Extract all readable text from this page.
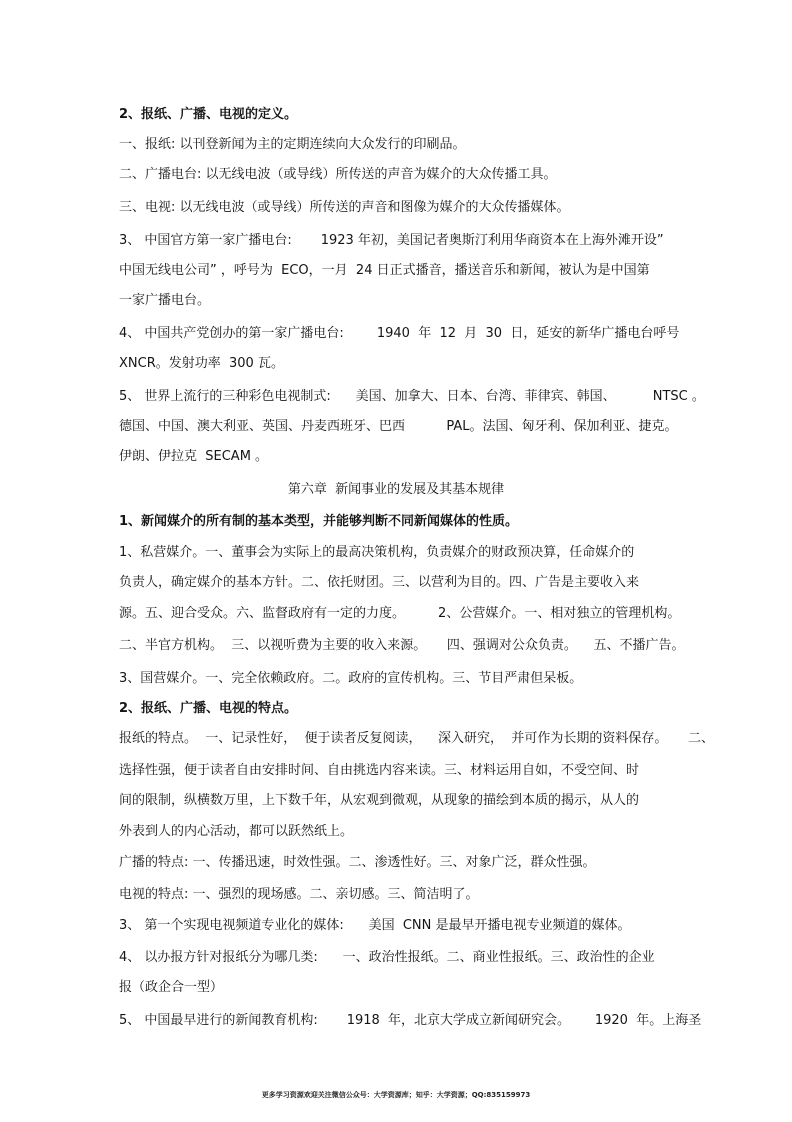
2、报纸、广播、电视的定义。
一、报纸: 以刊登新闻为主的定期连续向大众发行的印刷品。
二、广播电台: 以无线电波（或导线）所传送的声音为媒介的大众传播工具。
三、电视: 以无线电波（或导线）所传送的声音和图像为媒介的大众传播媒体。
3、 中国官方第一家广播电台:       1923 年初，美国记者奥斯汀利用华商资本在上海外滩开设”
中国无线电公司” ，呼号为  ECO，一月  24 日正式播音，播送音乐和新闻，被认为是中国第
一家广播电台。
4、 中国共产党创办的第一家广播电台:        1940  年  12  月  30  日，延安的新华广播电台呼号
XNCR。发射功率  300 瓦。
5、 世界上流行的三种彩色电视制式:      美国、加拿大、日本、台湾、菲律宾、韩国、         NTSC 。
德国、中国、澳大利亚、英国、丹麦西班牙、巴西          PAL。法国、匈牙利、保加利亚、捷克。
伊朗、伊拉克  SECAM 。
第六章  新闻事业的发展及其基本规律
1、新闻媒介的所有制的基本类型，并能够判断不同新闻媒体的性质。
1、私营媒介。一、董事会为实际上的最高决策机构，负责媒介的财政预决算，任命媒介的
负责人，确定媒介的基本方针。二、依托财团。三、以营利为目的。四、广告是主要收入来
源。五、迎合受众。六、监督政府有一定的力度。        2、公营媒介。一、相对独立的管理机构。
二、半官方机构。  三、以视听费为主要的收入来源。     四、强调对公众负责。    五、不播广告。
3、国营媒介。一、完全依赖政府。二。政府的宣传机构。三、节目严肃但呆板。
2、报纸、广播、电视的特点。
报纸的特点。  一、记录性好，  便于读者反复阅读，    深入研究，  并可作为长期的资料保存。     二、
选择性强，便于读者自由安排时间、自由挑选内容来读。三、材料运用自如，不受空间、时
间的限制，纵横数万里，上下数千年，从宏观到微观，从现象的描绘到本质的揭示，从人的
外表到人的内心活动，都可以跃然纸上。
广播的特点: 一、传播迅速，时效性强。二、渗透性好。三、对象广泛，群众性强。
电视的特点: 一、强烈的现场感。二、亲切感。三、简洁明了。
3、 第一个实现电视频道专业化的媒体:      美国  CNN 是最早开播电视专业频道的媒体。
4、 以办报方针对报纸分为哪几类:      一、政治性报纸。二、商业性报纸。三、政治性的企业
报（政企合一型）
5、 中国最早进行的新闻教育机构:       1918  年，北京大学成立新闻研究会。      1920  年。上海圣
更多学习资源欢迎关注微信公众号：大学资源库；知乎：大学资源；QQ:835159973
